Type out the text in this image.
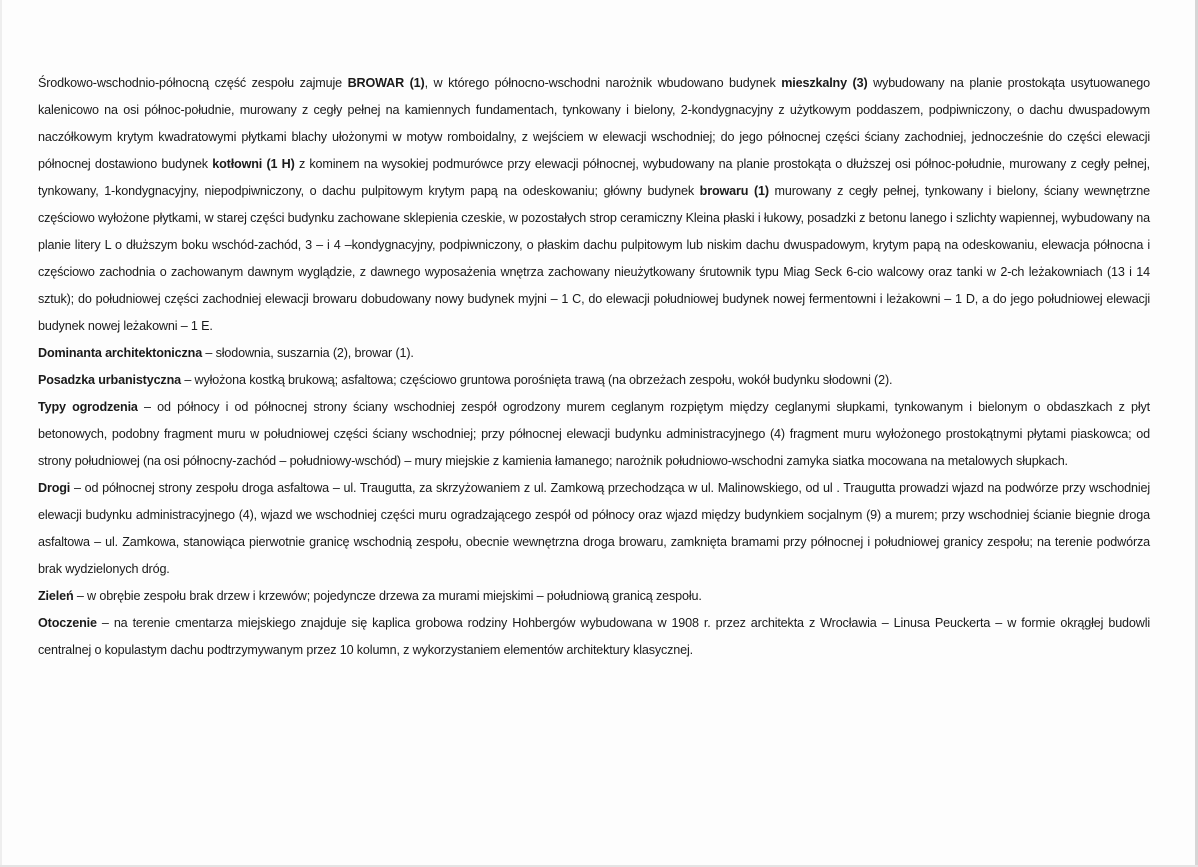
Środkowo-wschodnio-północną część zespołu zajmuje BROWAR (1), w którego północno-wschodni narożnik wbudowano budynek mieszkalny (3) wybudowany na planie prostokąta usytuowanego kalenicowo na osi północ-południe, murowany z cegły pełnej na kamiennych fundamentach, tynkowany i bielony, 2-kondygnacyjny z użytkowym poddaszem, podpiwniczony, o dachu dwuspadowym naczółkowym krytym kwadratowymi płytkami blachy ułożonymi w motyw romboidalny, z wejściem w elewacji wschodniej; do jego północnej części ściany zachodniej, jednocześnie do części elewacji północnej dostawiono budynek kotłowni (1 H) z kominem na wysokiej podmurówce przy elewacji północnej, wybudowany na planie prostokąta o dłuższej osi północ-południe, murowany z cegły pełnej, tynkowany, 1-kondygnacyjny, niepodpiwniczony, o dachu pulpitowym krytym papą na odeskowaniu; główny budynek browaru (1) murowany z cegły pełnej, tynkowany i bielony, ściany wewnętrzne częściowo wyłożone płytkami, w starej części budynku zachowane sklepienia czeskie, w pozostałych strop ceramiczny Kleina płaski i łukowy, posadzki z betonu lanego i szlichty wapiennej, wybudowany na planie litery L o dłuższym boku wschód-zachód, 3 – i 4 –kondygnacyjny, podpiwniczony, o płaskim dachu pulpitowym lub niskim dachu dwuspadowym, krytym papą na odeskowaniu, elewacja północna i częściowo zachodnia o zachowanym dawnym wyglądzie, z dawnego wyposażenia wnętrza zachowany nieużytkowany śrutownik typu Miag Seck 6-cio walcowy oraz tanki w 2-ch leżakowniach (13 i 14 sztuk); do południowej części zachodniej elewacji browaru dobudowany nowy budynek myjni – 1 C, do elewacji południowej budynek nowej fermentowni i leżakowni – 1 D, a do jego południowej elewacji budynek nowej leżakowni – 1 E.

Dominanta architektoniczna – słodownia, suszarnia (2), browar (1).

Posadzka urbanistyczna – wyłożona kostką brukową; asfaltowa; częściowo gruntowa porośnięta trawą (na obrzeżach zespołu, wokół budynku słodowni (2).

Typy ogrodzenia – od północy i od północnej strony ściany wschodniej zespół ogrodzony murem ceglanym rozpiętym między ceglanymi słupkami, tynkowanym i bielonym o obdaszkach z płyt betonowych, podobny fragment muru w południowej części ściany wschodniej; przy północnej elewacji budynku administracyjnego (4) fragment muru wyłożonego prostokątnymi płytami piaskowca; od strony południowej (na osi północny-zachód – południowy-wschód) – mury miejskie z kamienia łamanego; narożnik południowo-wschodni zamyka siatka mocowana na metalowych słupkach.

Drogi – od północnej strony zespołu droga asfaltowa – ul. Traugutta, za skrzyżowaniem z ul. Zamkową przechodząca w ul. Malinowskiego, od ul . Traugutta prowadzi wjazd na podwórze przy wschodniej elewacji budynku administracyjnego (4), wjazd we wschodniej części muru ogradzającego zespół od północy oraz wjazd między budynkiem socjalnym (9) a murem; przy wschodniej ścianie biegnie droga asfaltowa – ul. Zamkowa, stanowiąca pierwotnie granicę wschodnią zespołu, obecnie wewnętrzna droga browaru, zamknięta bramami przy północnej i południowej granicy zespołu; na terenie podwórza brak wydzielonych dróg.

Zieleń – w obrębie zespołu brak drzew i krzewów; pojedyncze drzewa za murami miejskimi – południową granicą zespołu.

Otoczenie – na terenie cmentarza miejskiego znajduje się kaplica grobowa rodziny Hohbergów wybudowana w 1908 r. przez architekta z Wrocławia – Linusa Peuckerta – w formie okrągłej budowli centralnej o kopulastym dachu podtrzymywanym przez 10 kolumn, z wykorzystaniem elementów architektury klasycznej.
